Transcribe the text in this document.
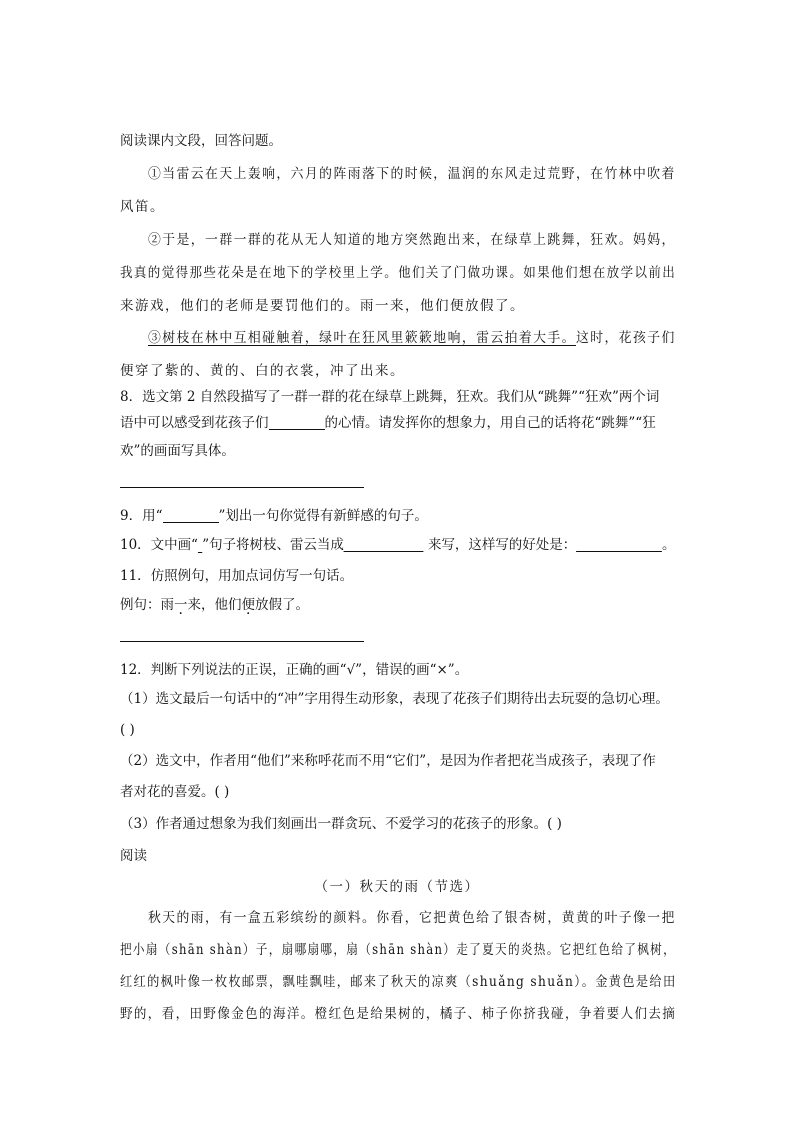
阅读课内文段，回答问题。
①当雷云在天上轰响，六月的阵雨落下的时候，温润的东风走过荒野，在竹林中吹着
风笛。
②于是，一群一群的花从无人知道的地方突然跑出来，在绿草上跳舞，狂欢。妈妈，
我真的觉得那些花朵是在地下的学校里上学。他们关了门做功课。如果他们想在放学以前出
来游戏，他们的老师是要罚他们的。雨一来，他们便放假了。
③树枝在林中互相碰触着，绿叶在狂风里簌簌地响，雷云拍着大手。这时，花孩子们
便穿了紫的、黄的、白的衣裳，冲了出来。
8．选文第 2 自然段描写了一群一群的花在绿草上跳舞，狂欢。我们从“跳舞”“狂欢”两个词
语中可以感受到花孩子们	的心情。请发挥你的想象力，用自己的话将花“跳舞”“狂
欢”的画面写具体。
9．用“	”划出一句你觉得有新鲜感的句子。
10．文中画“ ”句子将树枝、雷云当成	来写，这样写的好处是：	。
11．仿照例句，用加点词仿写一句话。
例句：雨一来，他们便放假了。
12．判断下列说法的正误，正确的画“√”，错误的画“×”。
（1）选文最后一句话中的“冲”字用得生动形象，表现了花孩子们期待出去玩耍的急切心理。
( )
（2）选文中，作者用“他们”来称呼花而不用“它们”，是因为作者把花当成孩子，表现了作
者对花的喜爱。( )
（3）作者通过想象为我们刻画出一群贪玩、不爱学习的花孩子的形象。( )
阅读
（一）秋天的雨（节选）
秋天的雨，有一盒五彩缤纷的颜料。你看，它把黄色给了银杏树，黄黄的叶子像一把
把小扇（shān shàn）子，扇哪扇哪，扇（shān shàn）走了夏天的炎热。它把红色给了枫树，
红红的枫叶像一枚枚邮票，飘哇飘哇，邮来了秋天的凉爽（shuǎng shuǎn）。金黄色是给田
野的，看，田野像金色的海洋。橙红色是给果树的，橘子、柿子你挤我碰，争着要人们去摘
